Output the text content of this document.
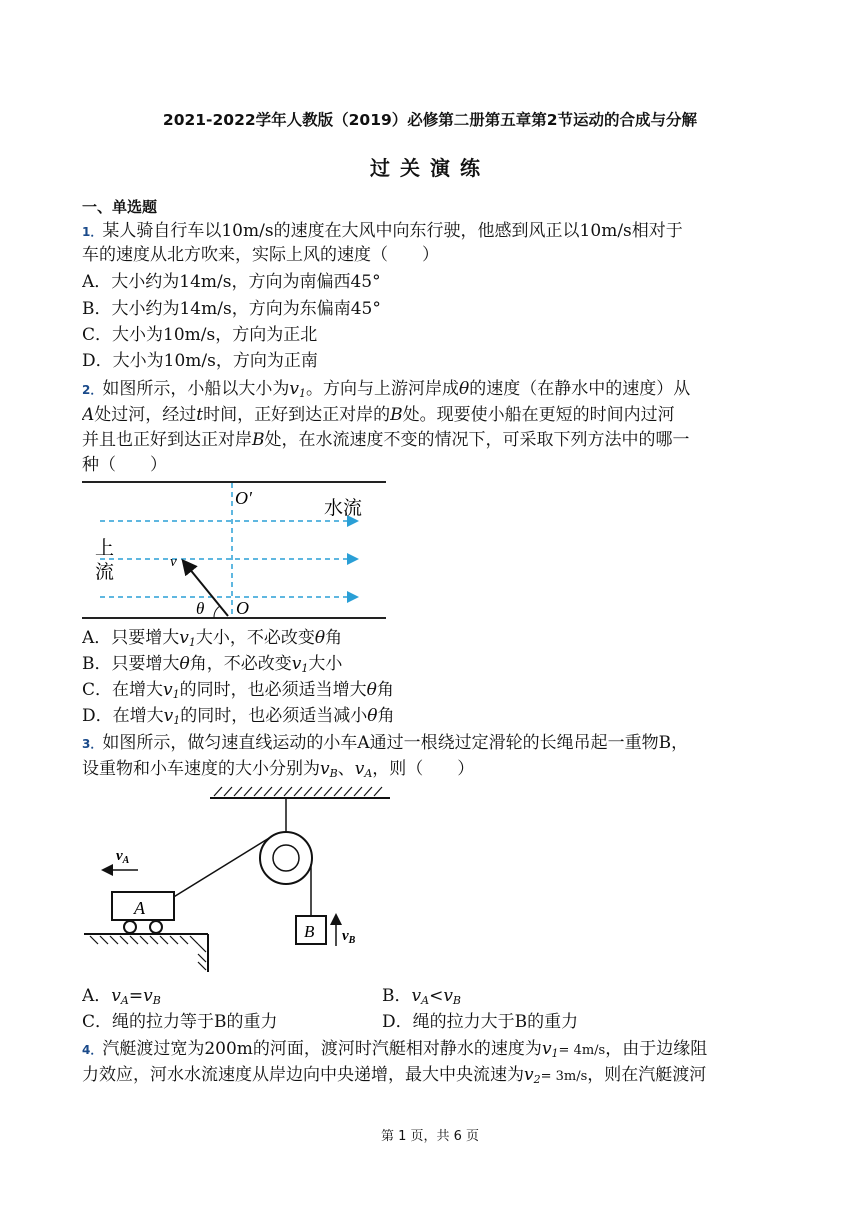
2021-2022学年人教版（2019）必修第二册第五章第2节运动的合成与分解
过关演练
一、单选题
1．某人骑自行车以10m/s的速度在大风中向东行驶，他感到风正以10m/s相对于
车的速度从北方吹来，实际上风的速度（　　）
A．大小约为14m/s，方向为南偏西45°
B．大小约为14m/s，方向为东偏南45°
C．大小为10m/s，方向为正北
D．大小为10m/s，方向为正南
2．如图所示，小船以大小为$v_1$。方向与上游河岸成θ的速度（在静水中的速度）从
A处过河，经过t时间，正好到达正对岸的B处。现要使小船在更短的时间内过河
并且也正好到达正对岸B处，在水流速度不变的情况下，可采取下列方法中的哪一
种（　　）
O′	水流
上
流	v
θ O
A．只要增大$v_1$大小，不必改变θ角
B．只要增大θ角，不必改变$v_1$大小
C．在增大$v_1$的同时，也必须适当增大θ角
D．在增大$v_1$的同时，也必须适当减小θ角
3．如图所示，做匀速直线运动的小车A通过一根绕过定滑轮的长绳吊起一重物B，
设重物和小车速度的大小分别为$v_B$、$v_A$，则（　　）
A
$v_A$
B $v_B$
A．$v_A=v_B$	B．$v_A<v_B$
C．绳的拉力等于B的重力	D．绳的拉力大于B的重力
4．汽艇渡过宽为200m的河面，渡河时汽艇相对静水的速度为$v_1= 4m/s$，由于边缘阻
力效应，河水水流速度从岸边向中央递增，最大中央流速为$v_2= 3m/s$，则在汽艇渡河
第 1 页，共 6 页
